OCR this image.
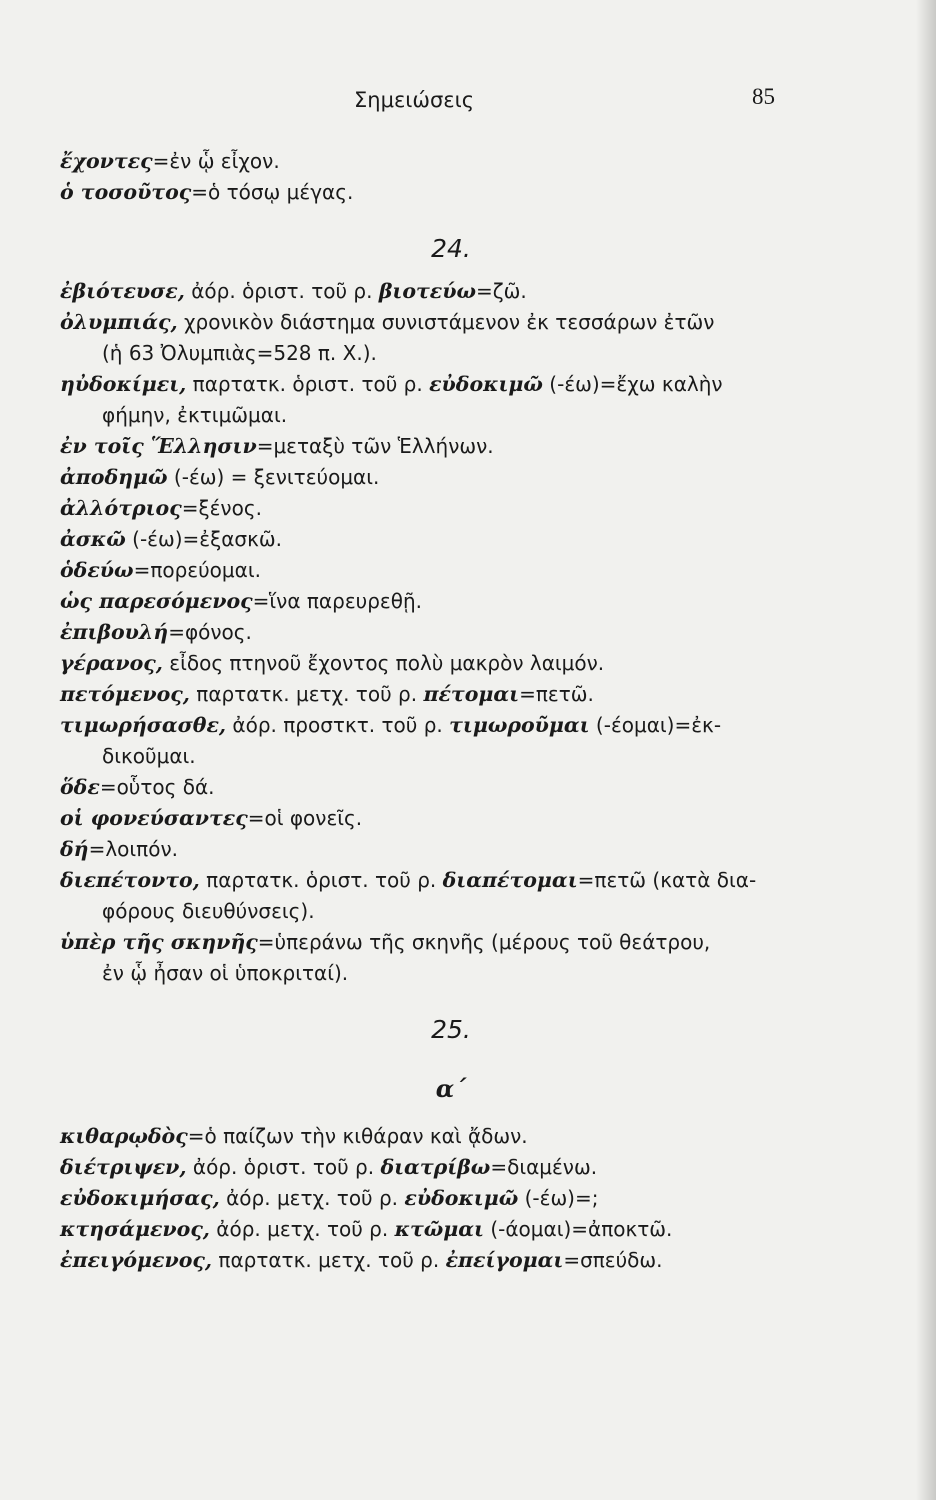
Σημειώσεις	85

ἔχοντες=ἐν ᾧ εἶχον.

ὁ τοσοῦτος=ὁ τόσῳ μέγας.

24.

ἐβιότευσε, ἀόρ. ὁριστ. τοῦ ρ. βιοτεύω=ζῶ.

ὀλυμπιάς, χρονικὸν διάστημα συνιστάμενον ἐκ τεσσάρων ἐτῶν
(ἡ 63 Ὀλυμπιὰς=528 π. Χ.).

ηὐδοκίμει, παρτατκ. ὁριστ. τοῦ ρ. εὐδοκιμῶ (-έω)=ἔχω καλὴν
φήμην, ἐκτιμῶμαι.

ἐν τοῖς Ἕλλησιν=μεταξὺ τῶν Ἑλλήνων.

ἀποδημῶ (-έω) = ξενιτεύομαι.

ἀλλότριος=ξένος.

ἀσκῶ (-έω)=ἐξασκῶ.

ὁδεύω=πορεύομαι.

ὡς παρεσόμενος=ἵνα παρευρεθῇ.

ἐπιβουλή=φόνος.

γέρανος, εἶδος πτηνοῦ ἔχοντος πολὺ μακρὸν λαιμόν.

πετόμενος, παρτατκ. μετχ. τοῦ ρ. πέτομαι=πετῶ.

τιμωρήσασθε, ἀόρ. προστκτ. τοῦ ρ. τιμωροῦμαι (-έομαι)=ἐκ-
δικοῦμαι.

ὅδε=οὗτος δά.

οἱ φονεύσαντες=οἱ φονεῖς.

δή=λοιπόν.

διεπέτοντο, παρτατκ. ὁριστ. τοῦ ρ. διαπέτομαι=πετῶ (κατὰ δια-
φόρους διευθύνσεις).

ὑπὲρ τῆς σκηνῆς=ὑπεράνω τῆς σκηνῆς (μέρους τοῦ θεάτρου,
ἐν ᾧ ἦσαν οἱ ὑποκριταί).

25.
α΄

κιθαρῳδὸς=ὁ παίζων τὴν κιθάραν καὶ ᾄδων.

διέτριψεν, ἀόρ. ὁριστ. τοῦ ρ. διατρίβω=διαμένω.

εὐδοκιμήσας, ἀόρ. μετχ. τοῦ ρ. εὐδοκιμῶ (-έω)=;

κτησάμενος, ἀόρ. μετχ. τοῦ ρ. κτῶμαι (-άομαι)=ἀποκτῶ.

ἐπειγόμενος, παρτατκ. μετχ. τοῦ ρ. ἐπείγομαι=σπεύδω.
